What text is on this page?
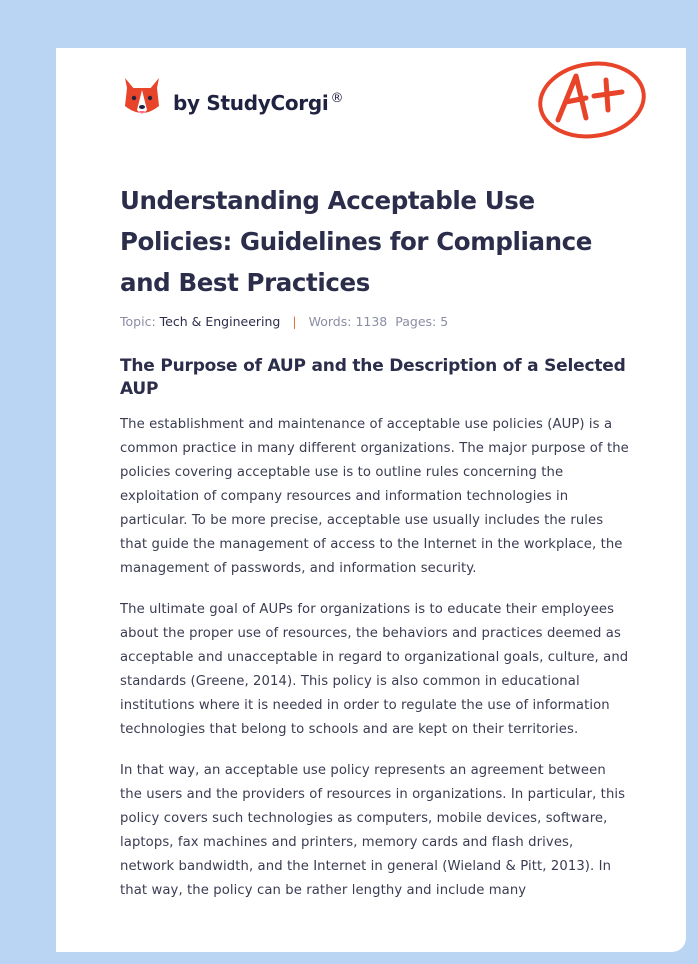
by StudyCorgi ®
A+
Understanding Acceptable Use Policies: Guidelines for Compliance and Best Practices
Topic: Tech & Engineering | Words: 1138 Pages: 5
The Purpose of AUP and the Description of a Selected AUP

The establishment and maintenance of acceptable use policies (AUP) is a common practice in many different organizations. The major purpose of the policies covering acceptable use is to outline rules concerning the exploitation of company resources and information technologies in particular. To be more precise, acceptable use usually includes the rules that guide the management of access to the Internet in the workplace, the management of passwords, and information security.

The ultimate goal of AUPs for organizations is to educate their employees about the proper use of resources, the behaviors and practices deemed as acceptable and unacceptable in regard to organizational goals, culture, and standards (Greene, 2014). This policy is also common in educational institutions where it is needed in order to regulate the use of information technologies that belong to schools and are kept on their territories.

In that way, an acceptable use policy represents an agreement between the users and the providers of resources in organizations. In particular, this policy covers such technologies as computers, mobile devices, software, laptops, fax machines and printers, memory cards and flash drives, network bandwidth, and the Internet in general (Wieland & Pitt, 2013). In that way, the policy can be rather lengthy and include many
